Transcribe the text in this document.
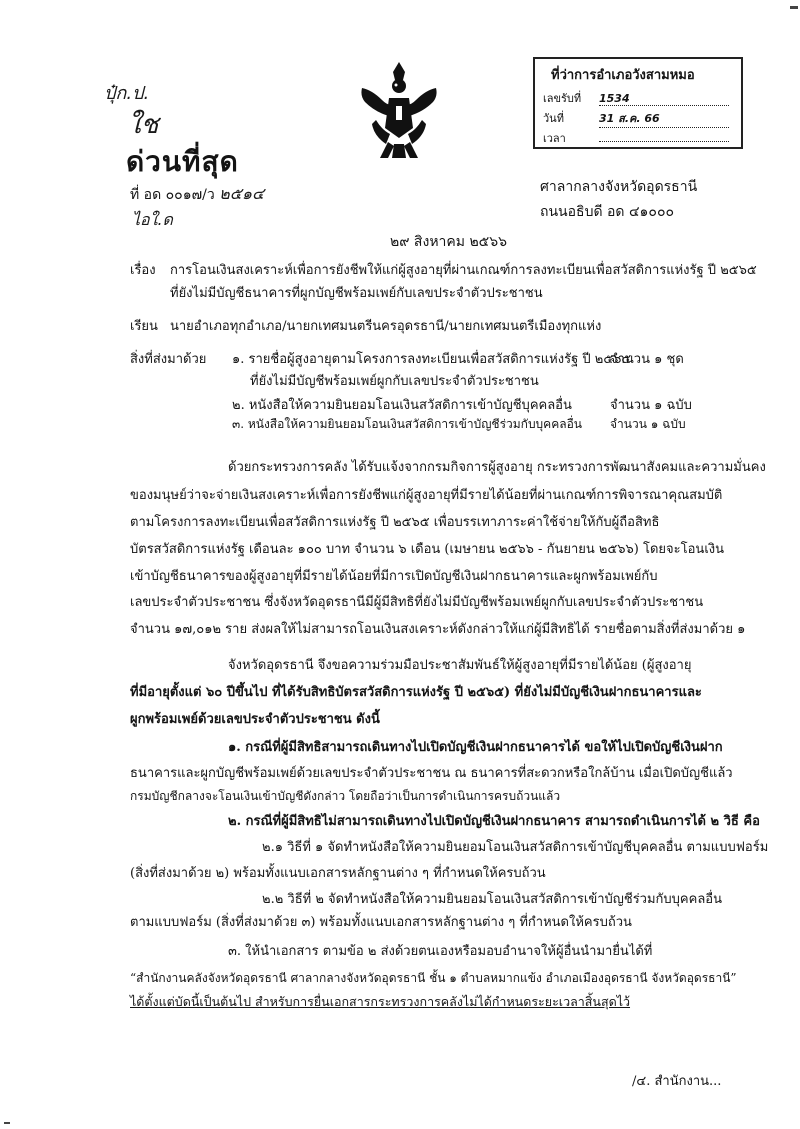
ปุ๋ก.ป.
ใช
ด่วนที่สุด
ที่ อด ๐๐๑๗/ว ๒๕๑๔
ไอใ.ด
ที่ว่าการอำเภอวังสามหมอ
เลขรับที่ 1534
วันที่	31 ส.ค. 66
เวลา
ศาลากลางจังหวัดอุดรธานี
ถนนอธิบดี อด ๔๑๐๐๐
๒๙ สิงหาคม ๒๕๖๖
เรื่อง การโอนเงินสงเคราะห์เพื่อการยังชีพให้แก่ผู้สูงอายุที่ผ่านเกณฑ์การลงทะเบียนเพื่อสวัสดิการแห่งรัฐ ปี ๒๕๖๕
ที่ยังไม่มีบัญชีธนาคารที่ผูกบัญชีพร้อมเพย์กับเลขประจำตัวประชาชน
เรียน นายอำเภอทุกอำเภอ/นายกเทศมนตรีนครอุดรธานี/นายกเทศมนตรีเมืองทุกแห่ง
สิ่งที่ส่งมาด้วย ๑. รายชื่อผู้สูงอายุตามโครงการลงทะเบียนเพื่อสวัสดิการแห่งรัฐ ปี ๒๕๖๕
จำนวน ๑ ชุด
ที่ยังไม่มีบัญชีพร้อมเพย์ผูกกับเลขประจำตัวประชาชน
๒. หนังสือให้ความยินยอมโอนเงินสวัสดิการเข้าบัญชีบุคคลอื่น	จำนวน ๑ ฉบับ
๓. หนังสือให้ความยินยอมโอนเงินสวัสดิการเข้าบัญชีร่วมกับบุคคลอื่น จำนวน ๑ ฉบับ
ด้วยกระทรวงการคลัง ได้รับแจ้งจากกรมกิจการผู้สูงอายุ กระทรวงการพัฒนาสังคมและความมั่นคง
ของมนุษย์ว่าจะจ่ายเงินสงเคราะห์เพื่อการยังชีพแก่ผู้สูงอายุที่มีรายได้น้อยที่ผ่านเกณฑ์การพิจารณาคุณสมบัติ
ตามโครงการลงทะเบียนเพื่อสวัสดิการแห่งรัฐ ปี ๒๕๖๕ เพื่อบรรเทาภาระค่าใช้จ่ายให้กับผู้ถือสิทธิ
บัตรสวัสดิการแห่งรัฐ เดือนละ ๑๐๐ บาท จำนวน ๖ เดือน (เมษายน ๒๕๖๖ - กันยายน ๒๕๖๖) โดยจะโอนเงิน
เข้าบัญชีธนาคารของผู้สูงอายุที่มีรายได้น้อยที่มีการเปิดบัญชีเงินฝากธนาคารและผูกพร้อมเพย์กับ
เลขประจำตัวประชาชน ซึ่งจังหวัดอุดรธานีมีผู้มีสิทธิที่ยังไม่มีบัญชีพร้อมเพย์ผูกกับเลขประจำตัวประชาชน
จำนวน ๑๗,๐๑๒ ราย ส่งผลให้ไม่สามารถโอนเงินสงเคราะห์ดังกล่าวให้แก่ผู้มีสิทธิได้ รายชื่อตามสิ่งที่ส่งมาด้วย ๑
จังหวัดอุดรธานี จึงขอความร่วมมือประชาสัมพันธ์ให้ผู้สูงอายุที่มีรายได้น้อย (ผู้สูงอายุ
ที่มีอายุตั้งแต่ ๖๐ ปีขึ้นไป ที่ได้รับสิทธิบัตรสวัสดิการแห่งรัฐ ปี ๒๕๖๕) ที่ยังไม่มีบัญชีเงินฝากธนาคารและ
ผูกพร้อมเพย์ด้วยเลขประจำตัวประชาชน ดังนี้
๑. กรณีที่ผู้มีสิทธิสามารถเดินทางไปเปิดบัญชีเงินฝากธนาคารได้ ขอให้ไปเปิดบัญชีเงินฝาก
ธนาคารและผูกบัญชีพร้อมเพย์ด้วยเลขประจำตัวประชาชน ณ ธนาคารที่สะดวกหรือใกล้บ้าน เมื่อเปิดบัญชีแล้ว
กรมบัญชีกลางจะโอนเงินเข้าบัญชีดังกล่าว โดยถือว่าเป็นการดำเนินการครบถ้วนแล้ว
๒. กรณีที่ผู้มีสิทธิไม่สามารถเดินทางไปเปิดบัญชีเงินฝากธนาคาร สามารถดำเนินการได้ ๒ วิธี คือ
๒.๑ วิธีที่ ๑ จัดทำหนังสือให้ความยินยอมโอนเงินสวัสดิการเข้าบัญชีบุคคลอื่น ตามแบบฟอร์ม
(สิ่งที่ส่งมาด้วย ๒) พร้อมทั้งแนบเอกสารหลักฐานต่าง ๆ ที่กำหนดให้ครบถ้วน
๒.๒ วิธีที่ ๒ จัดทำหนังสือให้ความยินยอมโอนเงินสวัสดิการเข้าบัญชีร่วมกับบุคคลอื่น
ตามแบบฟอร์ม (สิ่งที่ส่งมาด้วย ๓) พร้อมทั้งแนบเอกสารหลักฐานต่าง ๆ ที่กำหนดให้ครบถ้วน
๓. ให้นำเอกสาร ตามข้อ ๒ ส่งด้วยตนเองหรือมอบอำนาจให้ผู้อื่นนำมายื่นได้ที่
“สำนักงานคลังจังหวัดอุดรธานี ศาลากลางจังหวัดอุดรธานี ชั้น ๑ ตำบลหมากแข้ง อำเภอเมืองอุดรธานี จังหวัดอุดรธานี”
ได้ตั้งแต่บัดนี้เป็นต้นไป สำหรับการยื่นเอกสารกระทรวงการคลังไม่ได้กำหนดระยะเวลาสิ้นสุดไว้
/๔. สำนักงาน...
